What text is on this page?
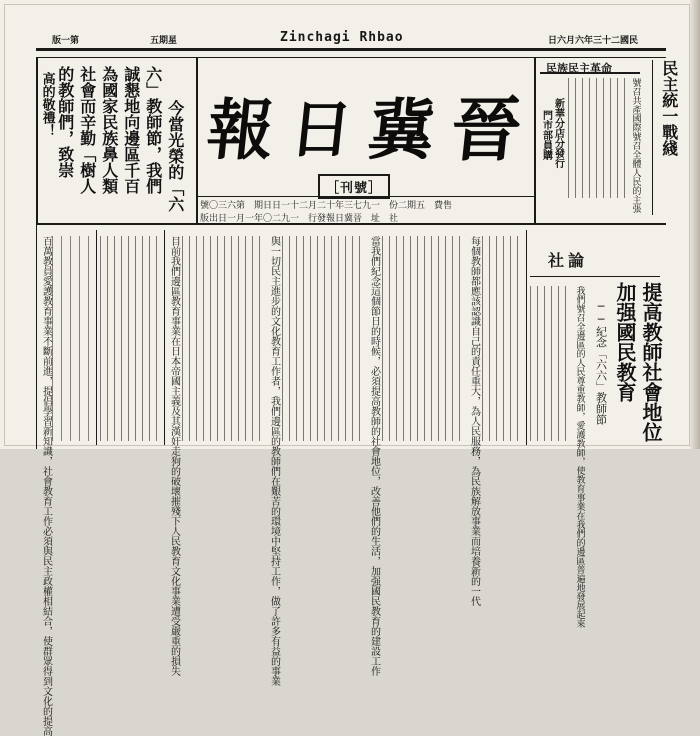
版一第	五期星	Zinchagi Rhbao	日六月六年三十二國民
今當光榮的「六
六」教師節，我們
誠懇地向邊區千百
為國家民族鼻人類
社會而辛勤「樹人
的教師們，致崇
高的敬禮！ 報 日 冀 晉
［刊號］
號〇三六第　期日日一十二月二十年三七九一　份二期五　費售
版出日一月一年〇二九一　行發報日冀晉　址　社
民族民主革命	民主統一戰綫
號召共產國際號召全體人民的主張
新華分店分發行
門市部員購
百萬教員愛護教育事業不斷前進，提倡學習新知識，社會教育工作必須與民主政權相結合，使群眾得到文化的提高	目前我們邊區教育事業在日本帝國主義及其漢奸走狗的破壞摧殘下人民教育文化事業遭受嚴重的損失	與一切民主進步的文化教育工作者，我們邊區的教師們在艱苦的環境中堅持工作，做了許多有益的事業	當我們紀念這個節日的時候，必須提高教師的社會地位，改善他們的生活，加强國民教育的建設工作	每個教師都應該認識自己的責任重大，為人民服務，為民族解放事業而培養新的一代	社論
提高教師社會地位
加强國民教育
──紀念「六六」教師節
我們號召全邊區的人民尊重教師，愛護教師，使教育事業在我們的邊區普遍地發展起來
